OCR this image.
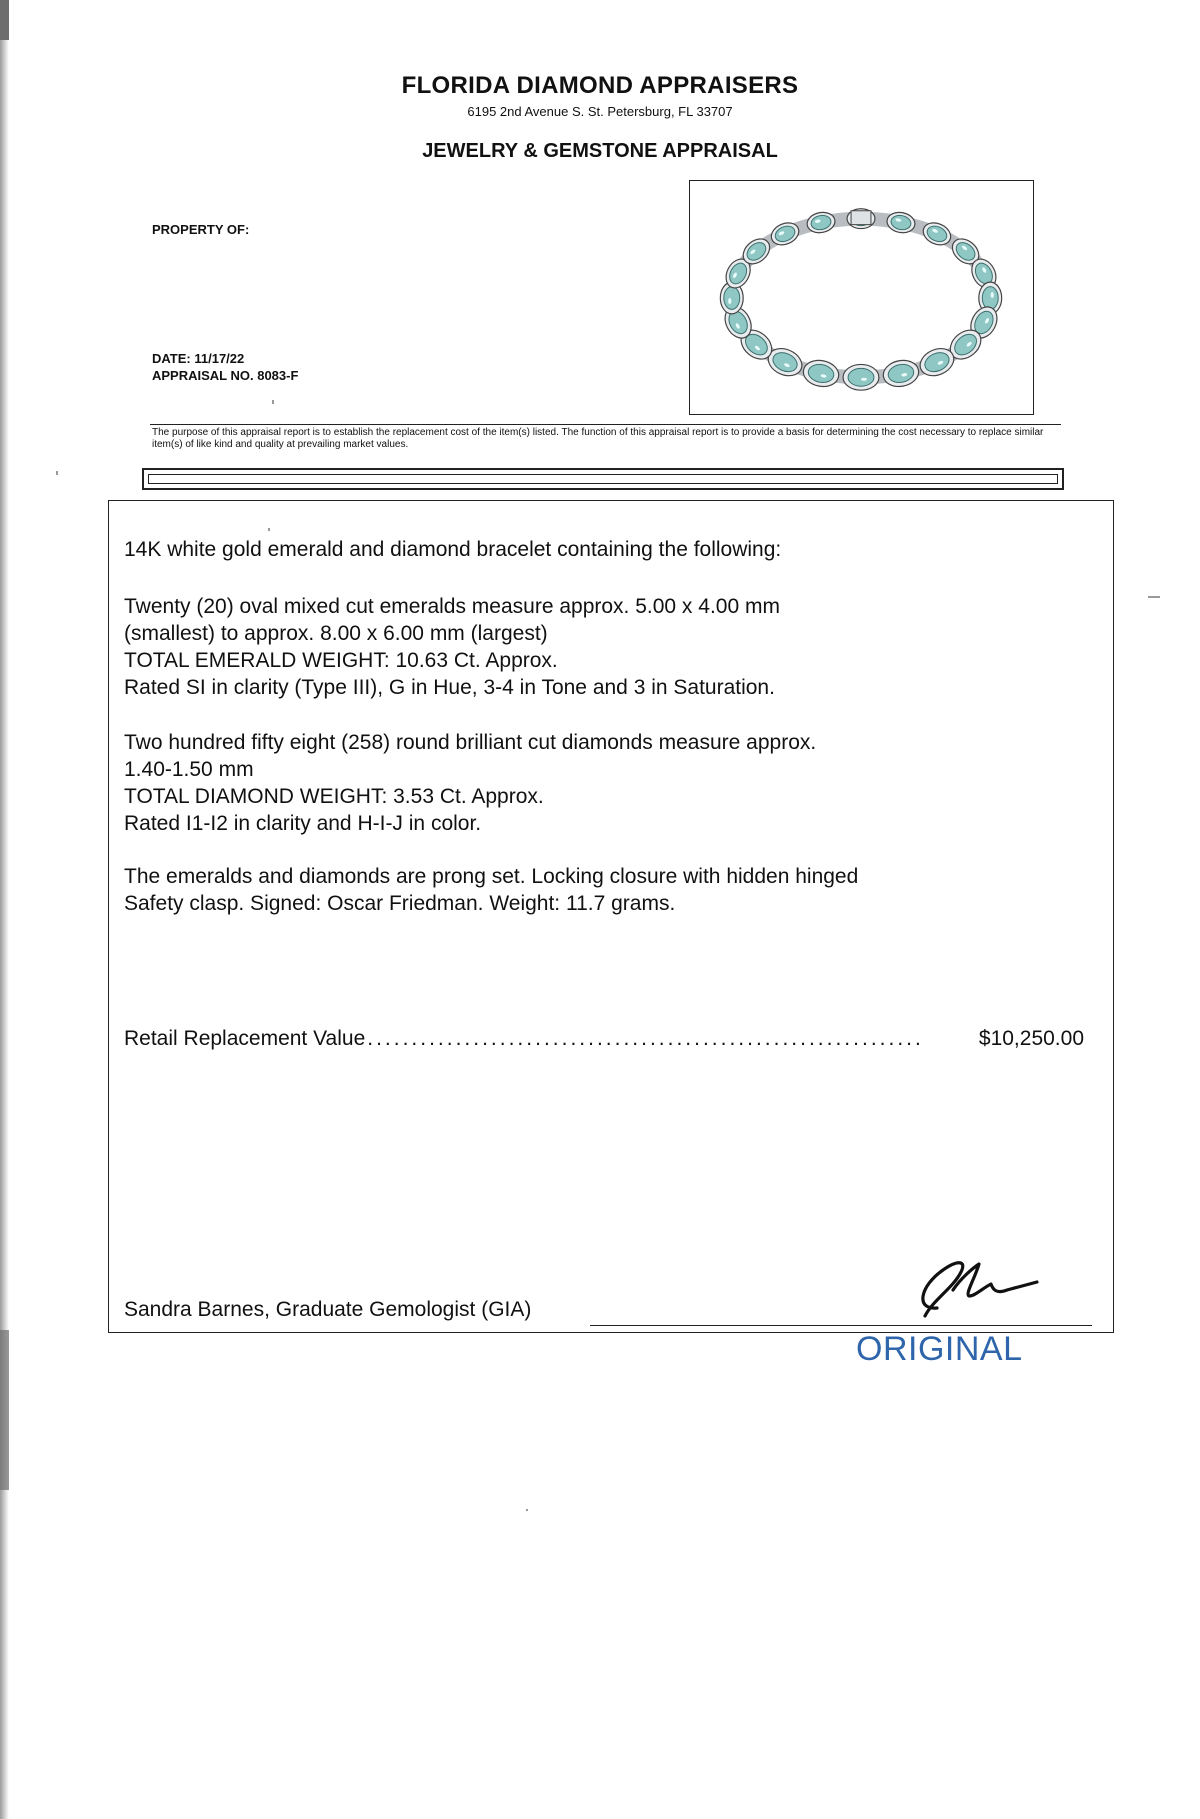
FLORIDA DIAMOND APPRAISERS
6195 2nd Avenue S. St. Petersburg, FL 33707
JEWELRY & GEMSTONE APPRAISAL
PROPERTY OF:
DATE: 11/17/22
APPRAISAL NO. 8083-F
The purpose of this appraisal report is to establish the replacement cost of the item(s) listed. The function of this appraisal report is to provide a basis for determining the cost necessary to replace similar item(s) of like kind and quality at prevailing market values.
14K white gold emerald and diamond bracelet containing the following:
Twenty (20) oval mixed cut emeralds measure approx. 5.00 x 4.00 mm
(smallest) to approx. 8.00 x 6.00 mm (largest)
TOTAL EMERALD WEIGHT: 10.63 Ct. Approx.
Rated SI in clarity (Type III), G in Hue, 3-4 in Tone and 3 in Saturation.
Two hundred fifty eight (258) round brilliant cut diamonds measure approx.
1.40-1.50 mm
TOTAL DIAMOND WEIGHT: 3.53 Ct. Approx.
Rated I1-I2 in clarity and H-I-J in color.
The emeralds and diamonds are prong set. Locking closure with hidden hinged
Safety clasp. Signed: Oscar Friedman. Weight: 11.7 grams.
Retail Replacement Value ...............................................................	$10,250.00
Sandra Barnes, Graduate Gemologist (GIA)
ORIGINAL
